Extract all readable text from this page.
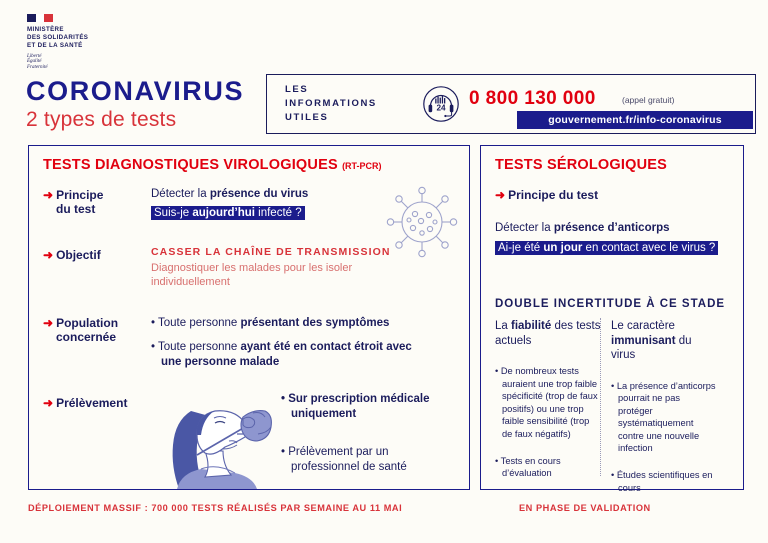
MINISTÈRE
DES SOLIDARITÉS
ET DE LA SANTÉ
Liberté
Égalité
Fraternité
CORONAVIRUS
2 types de tests
LES
INFORMATIONS
UTILES
24 0 800 130 000	(appel gratuit)
gouvernement.fr/info-coronavirus
TESTS DIAGNOSTIQUES VIROLOGIQUES (RT-PCR)
➜ Principe
du test
Détecter la présence du virus
Suis-je aujourd’hui infecté ?
➜ Objectif	CASSER LA CHAÎNE DE TRANSMISSION
Diagnostiquer les malades pour les isoler individuellement
➜ Population
concernée
• Toute personne présentant des symptômes
• Toute personne ayant été en contact étroit avec une personne malade
➜ Prélèvement	• Sur prescription médicale uniquement
• Prélèvement par un professionnel de santé
TESTS SÉROLOGIQUES
➜ Principe du test
Détecter la présence d’anticorps
Ai-je été un jour en contact avec le virus ?
DOUBLE INCERTITUDE À CE STADE
La fiabilité des tests actuels
• De nombreux tests auraient une trop faible spécificité (trop de faux positifs) ou une trop faible sensibilité (trop de faux négatifs)
• Tests en cours d’évaluation
Le caractère immunisant du virus
• La présence d’anticorps pourrait ne pas protéger systématiquement contre une nouvelle infection
• Études scientifiques en cours
DÉPLOIEMENT MASSIF : 700 000 TESTS RÉALISÉS PAR SEMAINE AU 11 MAI	EN PHASE DE VALIDATION
